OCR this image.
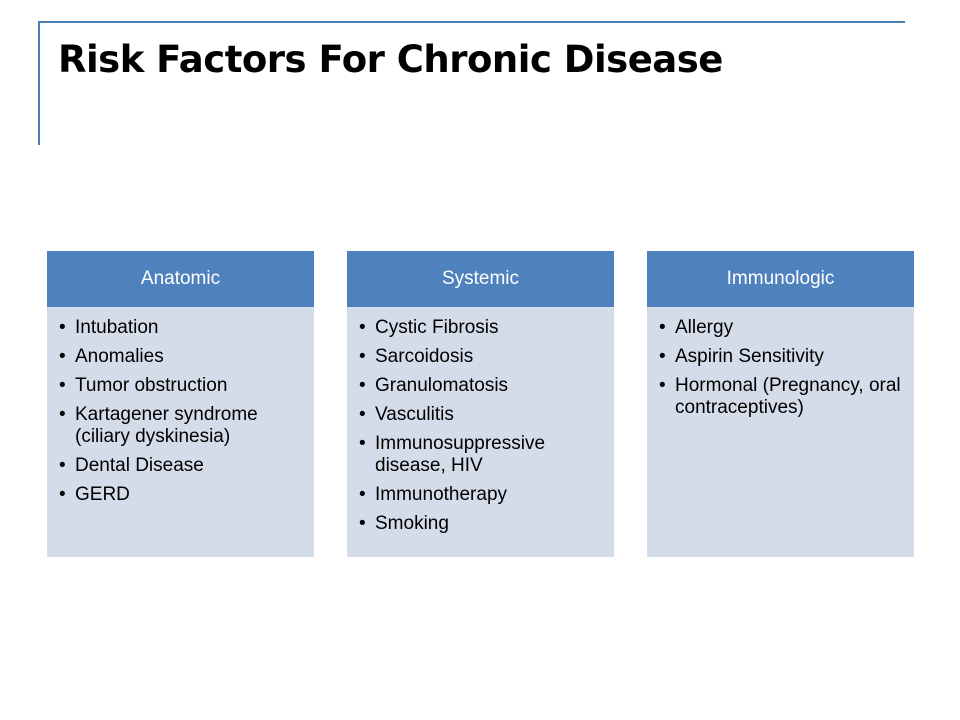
Risk Factors For Chronic Disease
Anatomic
• Intubation
• Anomalies
• Tumor obstruction
• Kartagener syndrome (ciliary dyskinesia)
• Dental Disease
• GERD
Systemic
• Cystic Fibrosis
• Sarcoidosis
• Granulomatosis
• Vasculitis
• Immunosuppressive disease, HIV
• Immunotherapy
• Smoking
Immunologic
• Allergy
• Aspirin Sensitivity
• Hormonal (Pregnancy, oral contraceptives)
